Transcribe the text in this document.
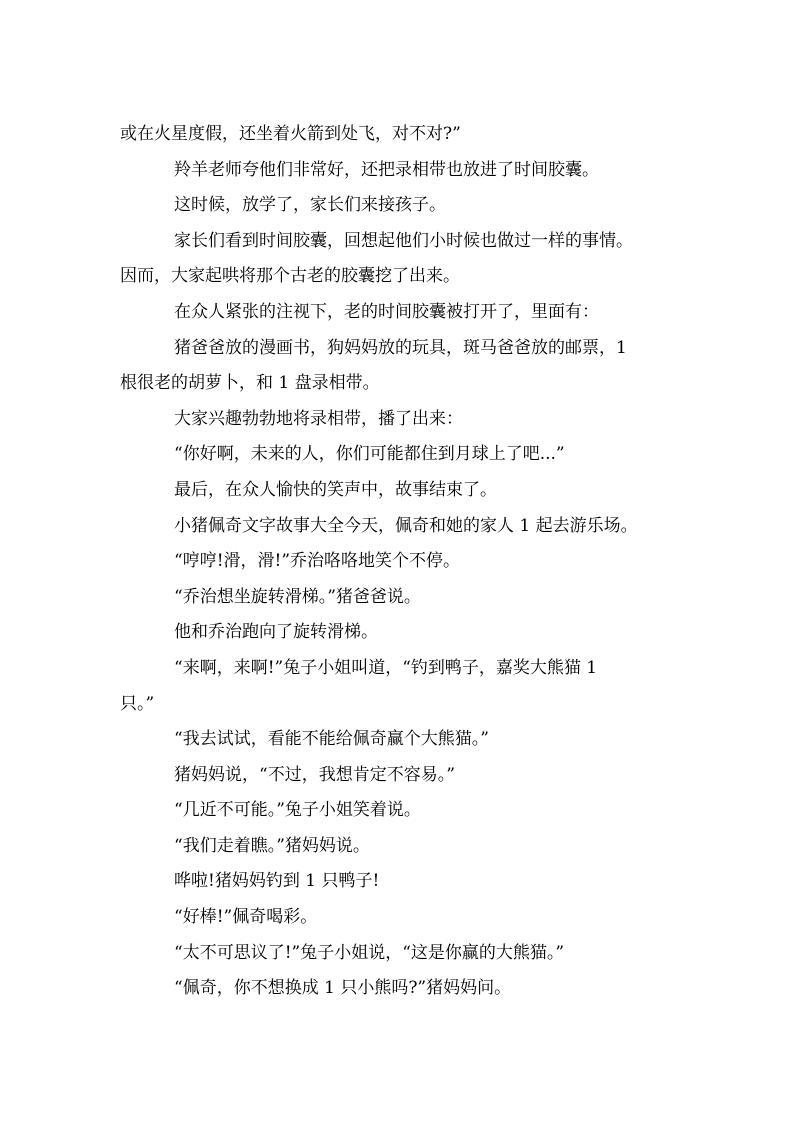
或在火星度假，还坐着火箭到处飞，对不对?”

羚羊老师夸他们非常好，还把录相带也放进了时间胶囊。

这时候，放学了，家长们来接孩子。

家长们看到时间胶囊，回想起他们小时候也做过一样的事情。

因而，大家起哄将那个古老的胶囊挖了出来。

在众人紧张的注视下，老的时间胶囊被打开了，里面有：

猪爸爸放的漫画书，狗妈妈放的玩具，斑马爸爸放的邮票，1

根很老的胡萝卜，和 1 盘录相带。

大家兴趣勃勃地将录相带，播了出来：

“你好啊，未来的人，你们可能都住到月球上了吧...”

最后，在众人愉快的笑声中，故事结束了。

小猪佩奇文字故事大全今天，佩奇和她的家人 1 起去游乐场。

“哼哼!滑，滑!”乔治咯咯地笑个不停。

“乔治想坐旋转滑梯。”猪爸爸说。

他和乔治跑向了旋转滑梯。

“来啊，来啊!”兔子小姐叫道，“钓到鸭子，嘉奖大熊猫 1

只。”

“我去试试，看能不能给佩奇赢个大熊猫。”

猪妈妈说，“不过，我想肯定不容易。”

“几近不可能。”兔子小姐笑着说。

“我们走着瞧。”猪妈妈说。

哗啦!猪妈妈钓到 1 只鸭子!

“好棒!”佩奇喝彩。

“太不可思议了!”兔子小姐说，“这是你赢的大熊猫。”

“佩奇，你不想换成 1 只小熊吗?”猪妈妈问。
